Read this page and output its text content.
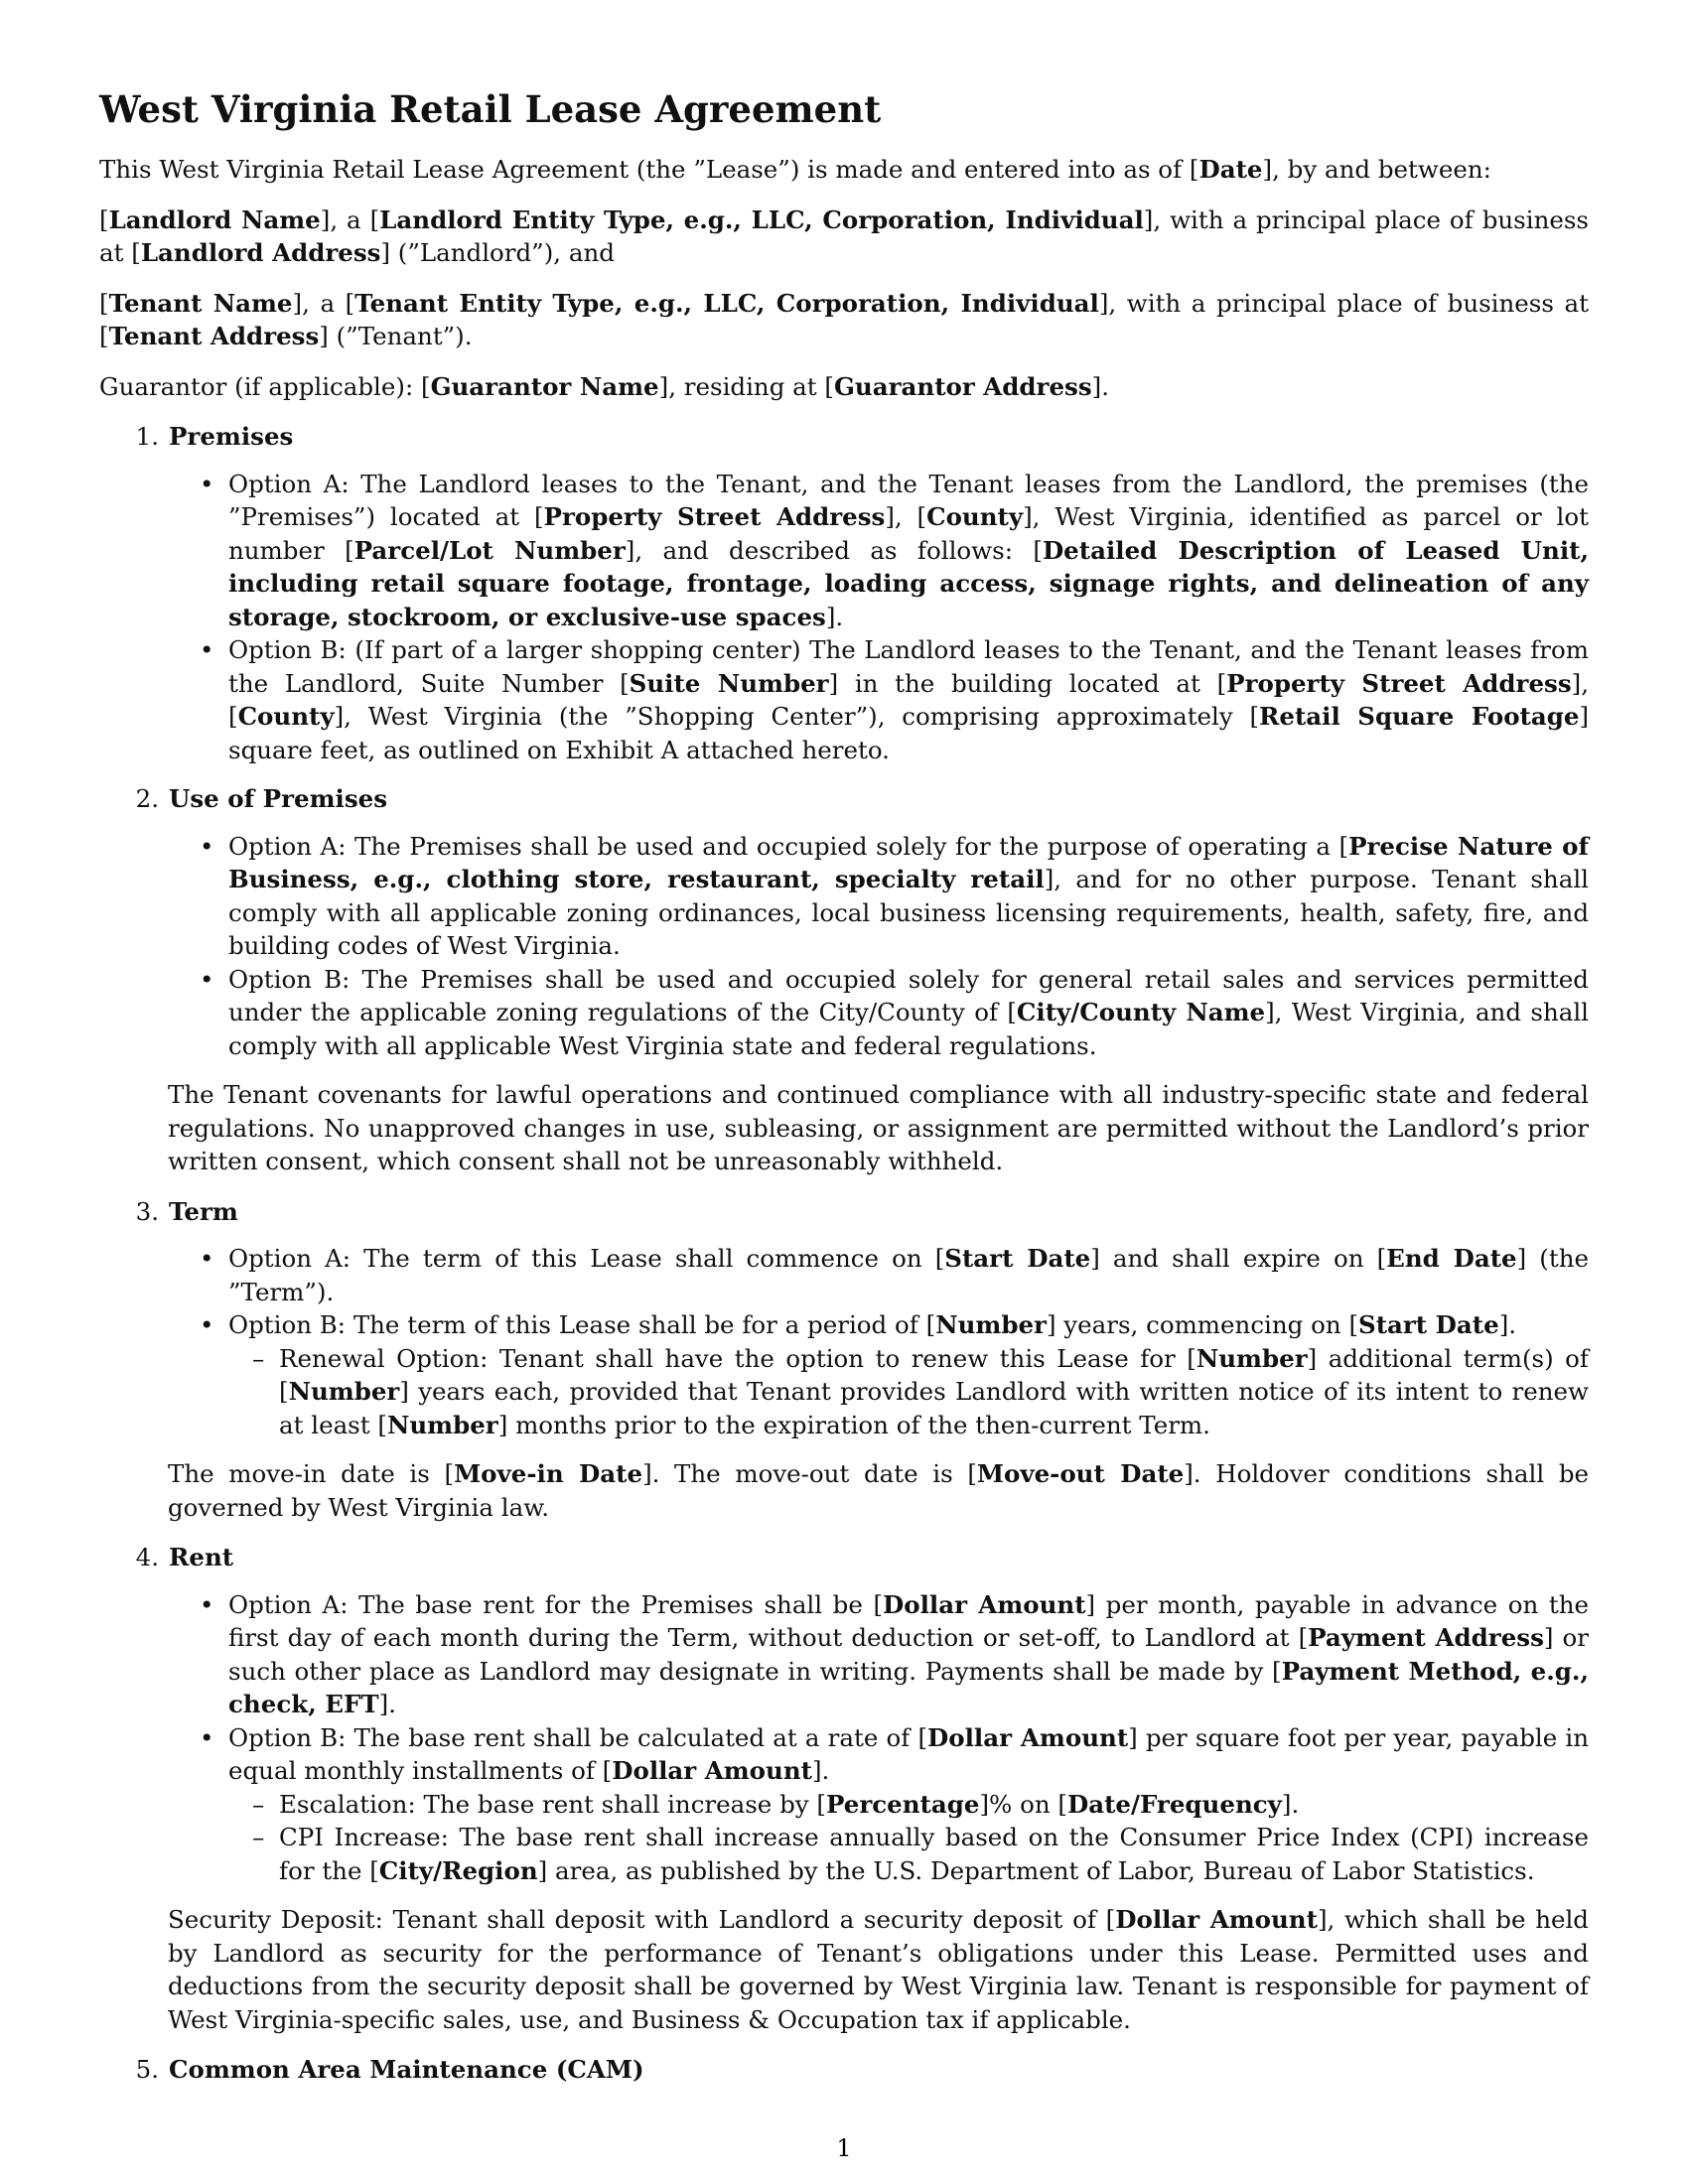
West Virginia Retail Lease Agreement

This West Virginia Retail Lease Agreement (the ”Lease”) is made and entered into as of [Date], by and between:

[Landlord Name], a [Landlord Entity Type, e.g., LLC, Corporation, Individual], with a principal place of business at [Landlord Address] (”Landlord”), and

[Tenant Name], a [Tenant Entity Type, e.g., LLC, Corporation, Individual], with a principal place of business at [Tenant Address] (”Tenant”).

Guarantor (if applicable): [Guarantor Name], residing at [Guarantor Address].

1. Premises
• Option A: The Landlord leases to the Tenant, and the Tenant leases from the Landlord, the premises (the ”Premises”) located at [Property Street Address], [County], West Virginia, identified as parcel or lot number [Parcel/Lot Number], and described as follows: [Detailed Description of Leased Unit, including retail square footage, frontage, loading access, signage rights, and delineation of any storage, stockroom, or exclusive-use spaces].
• Option B: (If part of a larger shopping center) The Landlord leases to the Tenant, and the Tenant leases from the Landlord, Suite Number [Suite Number] in the building located at [Property Street Address], [County], West Virginia (the ”Shopping Center”), comprising approximately [Retail Square Footage] square feet, as outlined on Exhibit A attached hereto.
2. Use of Premises
• Option A: The Premises shall be used and occupied solely for the purpose of operating a [Precise Nature of Business, e.g., clothing store, restaurant, specialty retail], and for no other purpose. Tenant shall comply with all applicable zoning ordinances, local business licensing requirements, health, safety, fire, and building codes of West Virginia.
• Option B: The Premises shall be used and occupied solely for general retail sales and services permitted under the applicable zoning regulations of the City/County of [City/County Name], West Virginia, and shall comply with all applicable West Virginia state and federal regulations.

The Tenant covenants for lawful operations and continued compliance with all industry-specific state and federal regulations. No unapproved changes in use, subleasing, or assignment are permitted without the Landlord’s prior written consent, which consent shall not be unreasonably withheld.

3. Term
• Option A: The term of this Lease shall commence on [Start Date] and shall expire on [End Date] (the ”Term”).
• Option B: The term of this Lease shall be for a period of [Number] years, commencing on [Start Date].
– Renewal Option: Tenant shall have the option to renew this Lease for [Number] additional term(s) of [Number] years each, provided that Tenant provides Landlord with written notice of its intent to renew at least [Number] months prior to the expiration of the then-current Term.

The move-in date is [Move-in Date]. The move-out date is [Move-out Date]. Holdover conditions shall be governed by West Virginia law.

4. Rent
• Option A: The base rent for the Premises shall be [Dollar Amount] per month, payable in advance on the first day of each month during the Term, without deduction or set-off, to Landlord at [Payment Address] or such other place as Landlord may designate in writing. Payments shall be made by [Payment Method, e.g., check, EFT].
• Option B: The base rent shall be calculated at a rate of [Dollar Amount] per square foot per year, payable in equal monthly installments of [Dollar Amount].
– Escalation: The base rent shall increase by [Percentage]% on [Date/Frequency].
– CPI Increase: The base rent shall increase annually based on the Consumer Price Index (CPI) increase for the [City/Region] area, as published by the U.S. Department of Labor, Bureau of Labor Statistics.

Security Deposit: Tenant shall deposit with Landlord a security deposit of [Dollar Amount], which shall be held by Landlord as security for the performance of Tenant’s obligations under this Lease. Permitted uses and deductions from the security deposit shall be governed by West Virginia law. Tenant is responsible for payment of West Virginia-specific sales, use, and Business & Occupation tax if applicable.

5. Common Area Maintenance (CAM)
1
